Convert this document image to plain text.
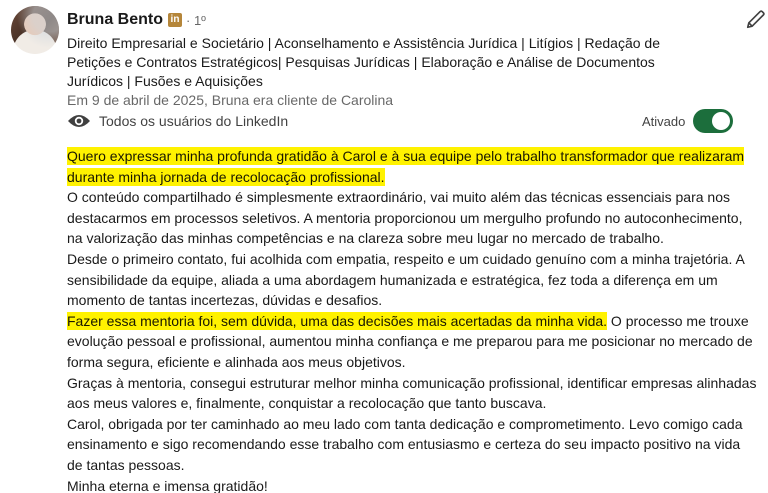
Bruna Bento in · 1º
Direito Empresarial e Societário | Aconselhamento e Assistência Jurídica | Litígios | Redação de Petições e Contratos Estratégicos| Pesquisas Jurídicas | Elaboração e Análise de Documentos Jurídicos | Fusões e Aquisições
Em 9 de abril de 2025, Bruna era cliente de Carolina
Todos os usuários do LinkedIn	Ativado

Quero expressar minha profunda gratidão à Carol e à sua equipe pelo trabalho transformador que realizaram durante minha jornada de recolocação profissional.

O conteúdo compartilhado é simplesmente extraordinário, vai muito além das técnicas essenciais para nos destacarmos em processos seletivos. A mentoria proporcionou um mergulho profundo no autoconhecimento, na valorização das minhas competências e na clareza sobre meu lugar no mercado de trabalho.

Desde o primeiro contato, fui acolhida com empatia, respeito e um cuidado genuíno com a minha trajetória. A sensibilidade da equipe, aliada a uma abordagem humanizada e estratégica, fez toda a diferença em um momento de tantas incertezas, dúvidas e desafios.

Fazer essa mentoria foi, sem dúvida, uma das decisões mais acertadas da minha vida. O processo me trouxe evolução pessoal e profissional, aumentou minha confiança e me preparou para me posicionar no mercado de forma segura, eficiente e alinhada aos meus objetivos.

Graças à mentoria, consegui estruturar melhor minha comunicação profissional, identificar empresas alinhadas aos meus valores e, finalmente, conquistar a recolocação que tanto buscava.

Carol, obrigada por ter caminhado ao meu lado com tanta dedicação e comprometimento. Levo comigo cada ensinamento e sigo recomendando esse trabalho com entusiasmo e certeza do seu impacto positivo na vida de tantas pessoas.

Minha eterna e imensa gratidão!
